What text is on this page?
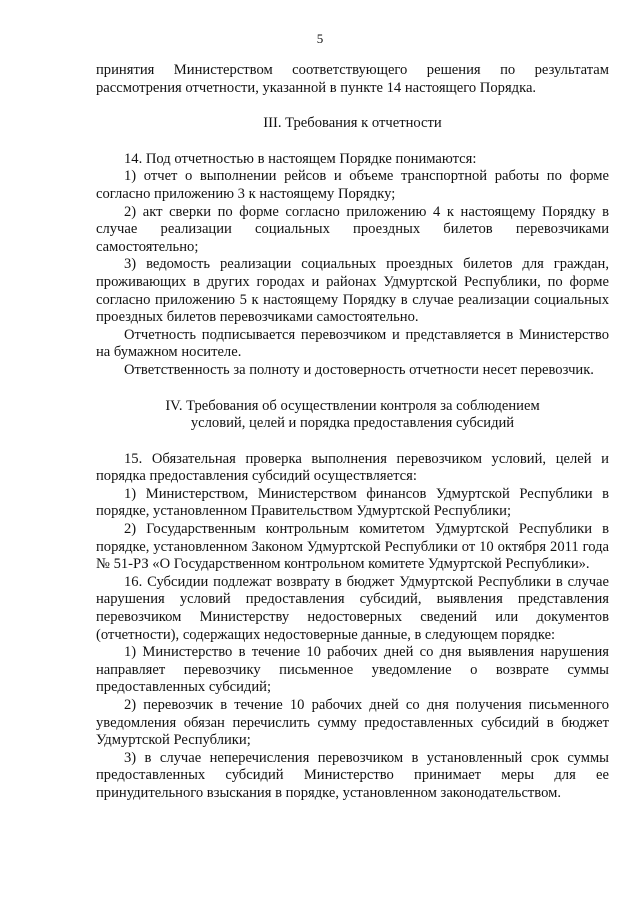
5

принятия Министерством соответствующего решения по результатам рассмотрения отчетности, указанной в пункте 14 настоящего Порядка.

III. Требования к отчетности

14. Под отчетностью в настоящем Порядке понимаются:

1) отчет о выполнении рейсов и объеме транспортной работы по форме согласно приложению 3 к настоящему Порядку;

2) акт сверки по форме согласно приложению 4 к настоящему Порядку в случае реализации социальных проездных билетов перевозчиками самостоятельно;

3) ведомость реализации социальных проездных билетов для граждан, проживающих в других городах и районах Удмуртской Республики, по форме согласно приложению 5 к настоящему Порядку в случае реализации социальных проездных билетов перевозчиками самостоятельно.

Отчетность подписывается перевозчиком и представляется в Министерство на бумажном носителе.

Ответственность за полноту и достоверность отчетности несет перевозчик.

IV. Требования об осуществлении контроля за соблюдением
условий, целей и порядка предоставления субсидий

15. Обязательная проверка выполнения перевозчиком условий, целей и порядка предоставления субсидий осуществляется:

1) Министерством, Министерством финансов Удмуртской Республики в порядке, установленном Правительством Удмуртской Республики;

2) Государственным контрольным комитетом Удмуртской Республики в порядке, установленном Законом Удмуртской Республики от 10 октября 2011 года № 51-РЗ «О Государственном контрольном комитете Удмуртской Республики».

16. Субсидии подлежат возврату в бюджет Удмуртской Республики в случае нарушения условий предоставления субсидий, выявления представления перевозчиком Министерству недостоверных сведений или документов (отчетности), содержащих недостоверные данные, в следующем порядке:

1) Министерство в течение 10 рабочих дней со дня выявления нарушения направляет перевозчику письменное уведомление о возврате суммы предоставленных субсидий;

2) перевозчик в течение 10 рабочих дней со дня получения письменного уведомления обязан перечислить сумму предоставленных субсидий в бюджет Удмуртской Республики;

3) в случае неперечисления перевозчиком в установленный срок суммы предоставленных субсидий Министерство принимает меры для ее принудительного взыскания в порядке, установленном законодательством.
